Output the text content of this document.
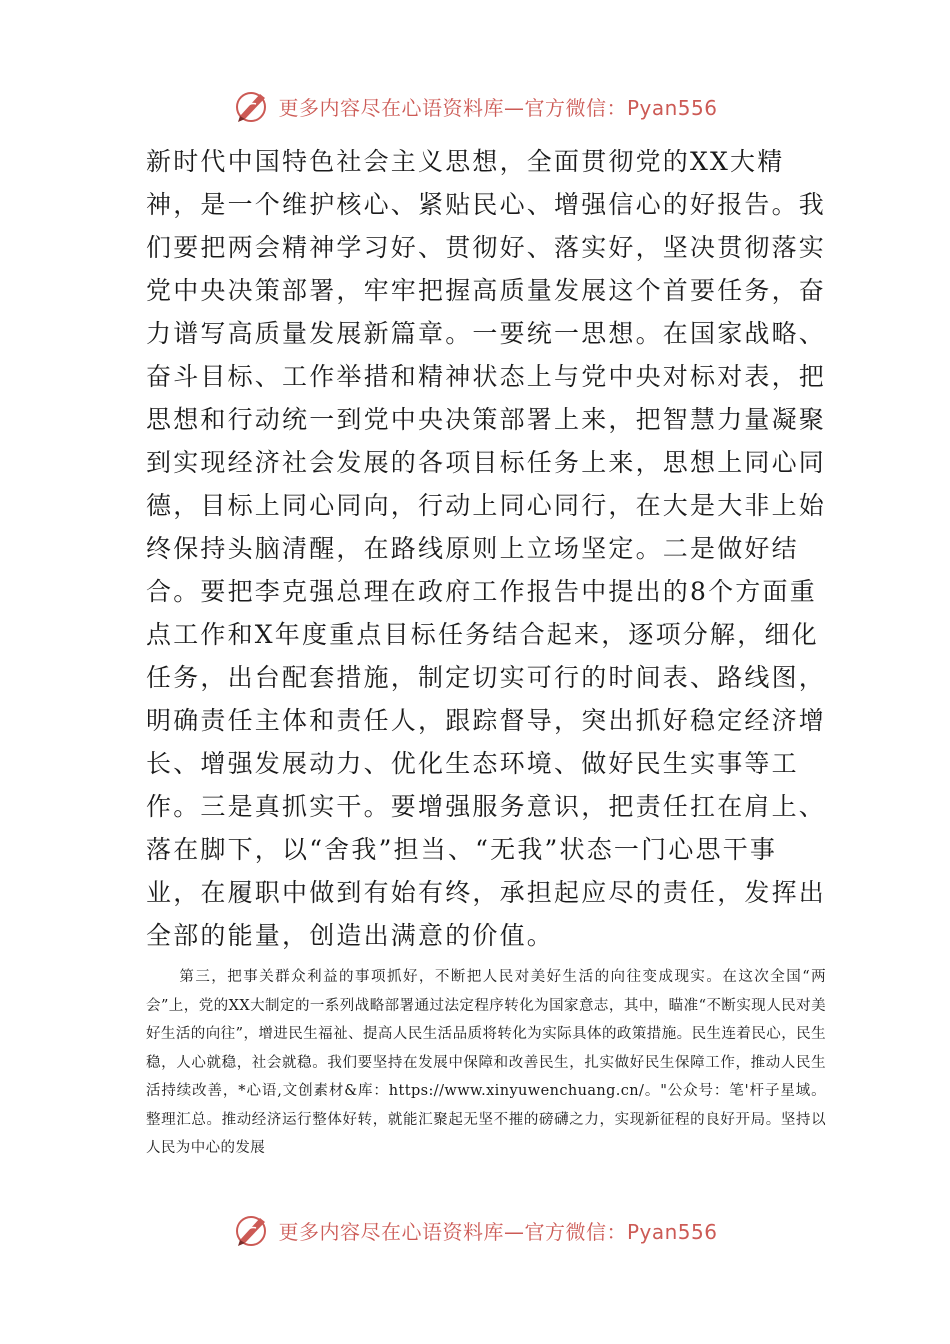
更多内容尽在心语资料库—官方微信：Pyan556

新时代中国特色社会主义思想，全面贯彻党的XX大精神，是一个维护核心、紧贴民心、增强信心的好报告。我们要把两会精神学习好、贯彻好、落实好，坚决贯彻落实党中央决策部署，牢牢把握高质量发展这个首要任务，奋力谱写高质量发展新篇章。一要统一思想。在国家战略、奋斗目标、工作举措和精神状态上与党中央对标对表，把思想和行动统一到党中央决策部署上来，把智慧力量凝聚到实现经济社会发展的各项目标任务上来，思想上同心同德，目标上同心同向，行动上同心同行，在大是大非上始终保持头脑清醒，在路线原则上立场坚定。二是做好结合。要把李克强总理在政府工作报告中提出的8个方面重点工作和X年度重点目标任务结合起来，逐项分解，细化任务，出台配套措施，制定切实可行的时间表、路线图，明确责任主体和责任人，跟踪督导，突出抓好稳定经济增长、增强发展动力、优化生态环境、做好民生实事等工作。三是真抓实干。要增强服务意识，把责任扛在肩上、落在脚下，以“舍我”担当、“无我”状态一门心思干事业，在履职中做到有始有终，承担起应尽的责任，发挥出全部的能量，创造出满意的价值。

第三，把事关群众利益的事项抓好，不断把人民对美好生活的向往变成现实。在这次全国“两会”上，党的XX大制定的一系列战略部署通过法定程序转化为国家意志，其中，瞄准“不断实现人民对美好生活的向往”，增进民生福祉、提高人民生活品质将转化为实际具体的政策措施。民生连着民心，民生稳，人心就稳，社会就稳。我们要坚持在发展中保障和改善民生，扎实做好民生保障工作，推动人民生活持续改善，*心语,文创素材&库：https://www.xinyuwenchuang.cn/。"公众号：笔'杆子星域。整理汇总。推动经济运行整体好转，就能汇聚起无坚不摧的磅礴之力，实现新征程的良好开局。坚持以人民为中心的发展

更多内容尽在心语资料库—官方微信：Pyan556
